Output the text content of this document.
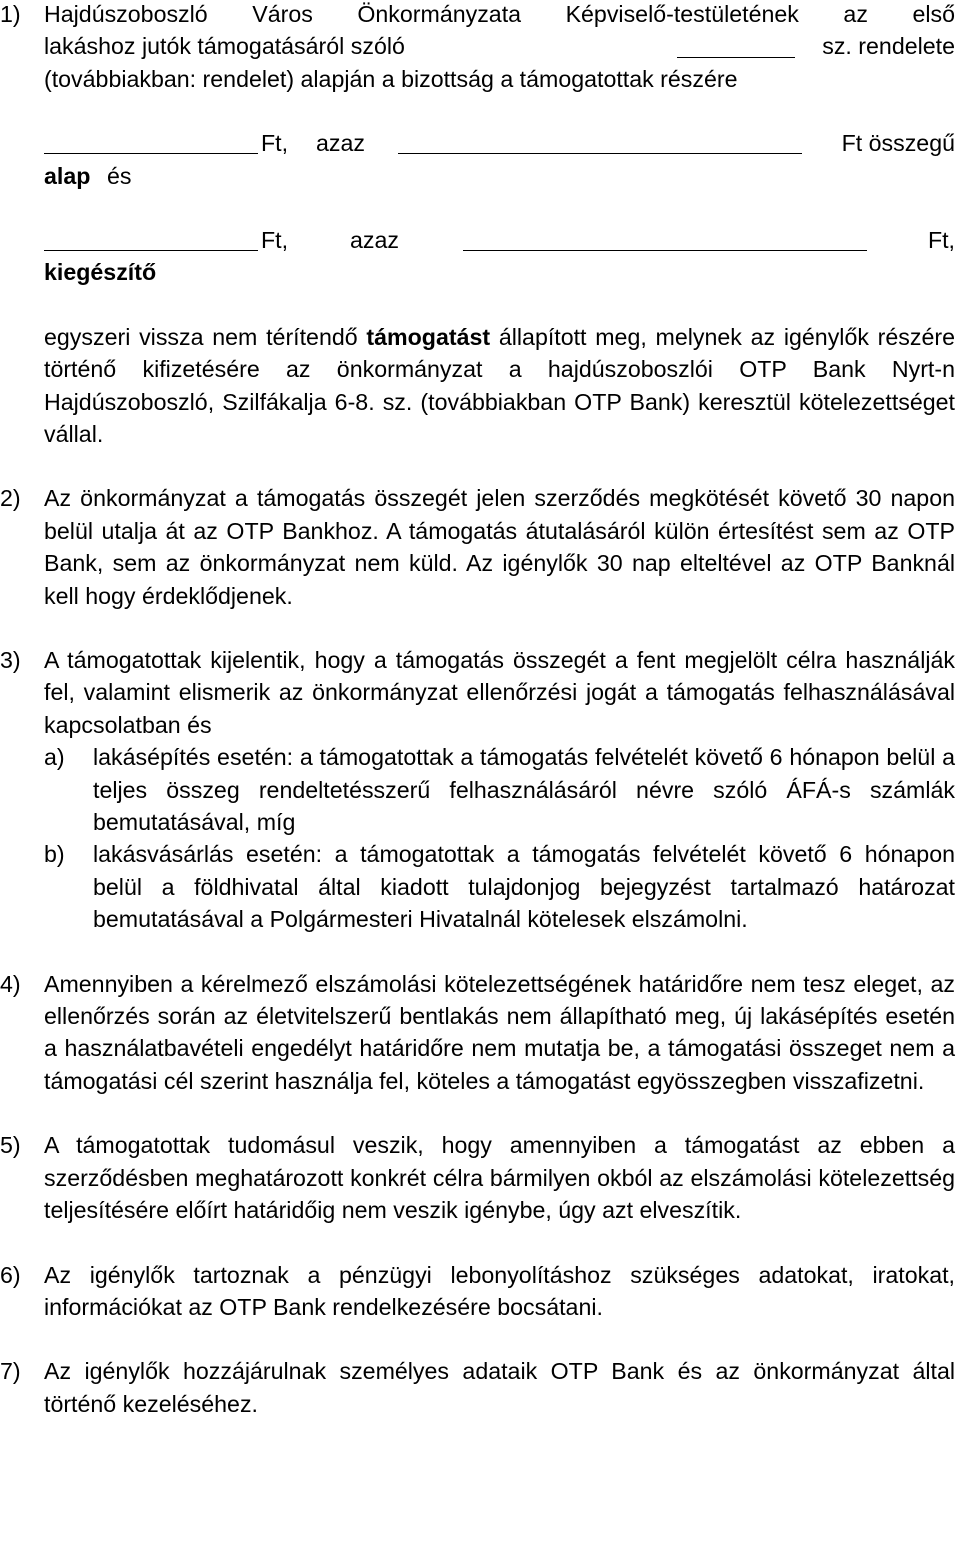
1) Hajdúszoboszló Város Önkormányzata Képviselő-testületének az első
lakáshoz jutók támogatásáról szóló	sz. rendelete
(továbbiakban: rendelet) alapján a bizottság a támogatottak részére
Ft, azaz	Ft összegű
alap és
Ft,	azaz	Ft,
kiegészítő
egyszeri vissza nem térítendő támogatást állapított meg, melynek az igénylők részére történő kifizetésére az önkormányzat a hajdúszoboszlói OTP Bank Nyrt-n Hajdúszoboszló, Szilfákalja 6-8. sz. (továbbiakban OTP Bank) keresztül kötelezettséget vállal.
2) Az önkormányzat a támogatás összegét jelen szerződés megkötését követő 30 napon belül utalja át az OTP Bankhoz. A támogatás átutalásáról külön értesítést sem az OTP Bank, sem az önkormányzat nem küld. Az igénylők 30 nap elteltével az OTP Banknál kell hogy érdeklődjenek.
3) A támogatottak kijelentik, hogy a támogatás összegét a fent megjelölt célra használják fel, valamint elismerik az önkormányzat ellenőrzési jogát a támogatás felhasználásával kapcsolatban és
a) lakásépítés esetén: a támogatottak a támogatás felvételét követő 6 hónapon belül a teljes összeg rendeltetésszerű felhasználásáról névre szóló ÁFÁ-s számlák bemutatásával, míg
b) lakásvásárlás esetén: a támogatottak a támogatás felvételét követő 6 hónapon belül a földhivatal által kiadott tulajdonjog bejegyzést tartalmazó határozat bemutatásával a Polgármesteri Hivatalnál kötelesek elszámolni.
4) Amennyiben a kérelmező elszámolási kötelezettségének határidőre nem tesz eleget, az ellenőrzés során az életvitelszerű bentlakás nem állapítható meg, új lakásépítés esetén a használatbavételi engedélyt határidőre nem mutatja be, a támogatási összeget nem a támogatási cél szerint használja fel, köteles a támogatást egyösszegben visszafizetni.
5) A támogatottak tudomásul veszik, hogy amennyiben a támogatást az ebben a szerződésben meghatározott konkrét célra bármilyen okból az elszámolási kötelezettség teljesítésére előírt határidőig nem veszik igénybe, úgy azt elveszítik.
6) Az igénylők tartoznak a pénzügyi lebonyolításhoz szükséges adatokat, iratokat, információkat az OTP Bank rendelkezésére bocsátani.
7) Az igénylők hozzájárulnak személyes adataik OTP Bank és az önkormányzat által történő kezeléséhez.
